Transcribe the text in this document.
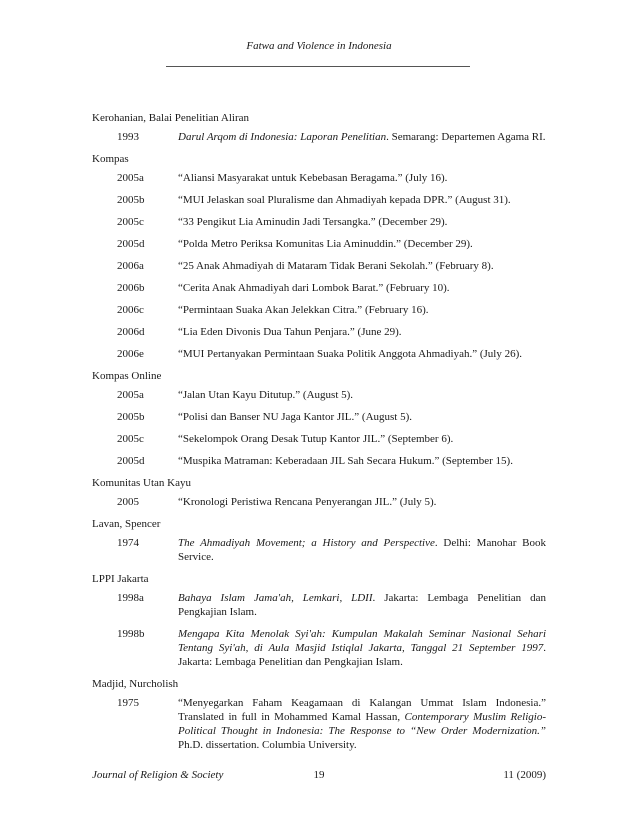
Fatwa and Violence in Indonesia
Kerohanian, Balai Penelitian Aliran
1993	Darul Arqom di Indonesia: Laporan Penelitian. Semarang: Departemen Agama RI.
Kompas
2005a	“Aliansi Masyarakat untuk Kebebasan Beragama.” (July 16).
2005b	“MUI Jelaskan soal Pluralisme dan Ahmadiyah kepada DPR.” (August 31).
2005c	“33 Pengikut Lia Aminudin Jadi Tersangka.” (December 29).
2005d	“Polda Metro Periksa Komunitas Lia Aminuddin.” (December 29).
2006a	“25 Anak Ahmadiyah di Mataram Tidak Berani Sekolah.” (February 8).
2006b	“Cerita Anak Ahmadiyah dari Lombok Barat.” (February 10).
2006c	“Permintaan Suaka Akan Jelekkan Citra.” (February 16).
2006d	“Lia Eden Divonis Dua Tahun Penjara.” (June 29).
2006e	“MUI Pertanyakan Permintaan Suaka Politik Anggota Ahmadiyah.” (July 26).
Kompas Online
2005a	“Jalan Utan Kayu Ditutup.” (August 5).
2005b	“Polisi dan Banser NU Jaga Kantor JIL.” (August 5).
2005c	“Sekelompok Orang Desak Tutup Kantor JIL.” (September 6).
2005d	“Muspika Matraman: Keberadaan JIL Sah Secara Hukum.” (September 15).
Komunitas Utan Kayu
2005	“Kronologi Peristiwa Rencana Penyerangan JIL.” (July 5).
Lavan, Spencer
1974	The Ahmadiyah Movement; a History and Perspective. Delhi: Manohar Book Service.
LPPI Jakarta
1998a	Bahaya Islam Jama'ah, Lemkari, LDII. Jakarta: Lembaga Penelitian dan Pengkajian Islam.
1998b	Mengapa Kita Menolak Syi'ah: Kumpulan Makalah Seminar Nasional Sehari Tentang Syi'ah, di Aula Masjid Istiqlal Jakarta, Tanggal 21 September 1997. Jakarta: Lembaga Penelitian dan Pengkajian Islam.
Madjid, Nurcholish
1975	“Menyegarkan Faham Keagamaan di Kalangan Ummat Islam Indonesia.” Translated in full in Mohammed Kamal Hassan, Contemporary Muslim Religio-Political Thought in Indonesia: The Response to “New Order Modernization.” Ph.D. dissertation. Columbia University.
Journal of Religion & Society	19	11 (2009)
